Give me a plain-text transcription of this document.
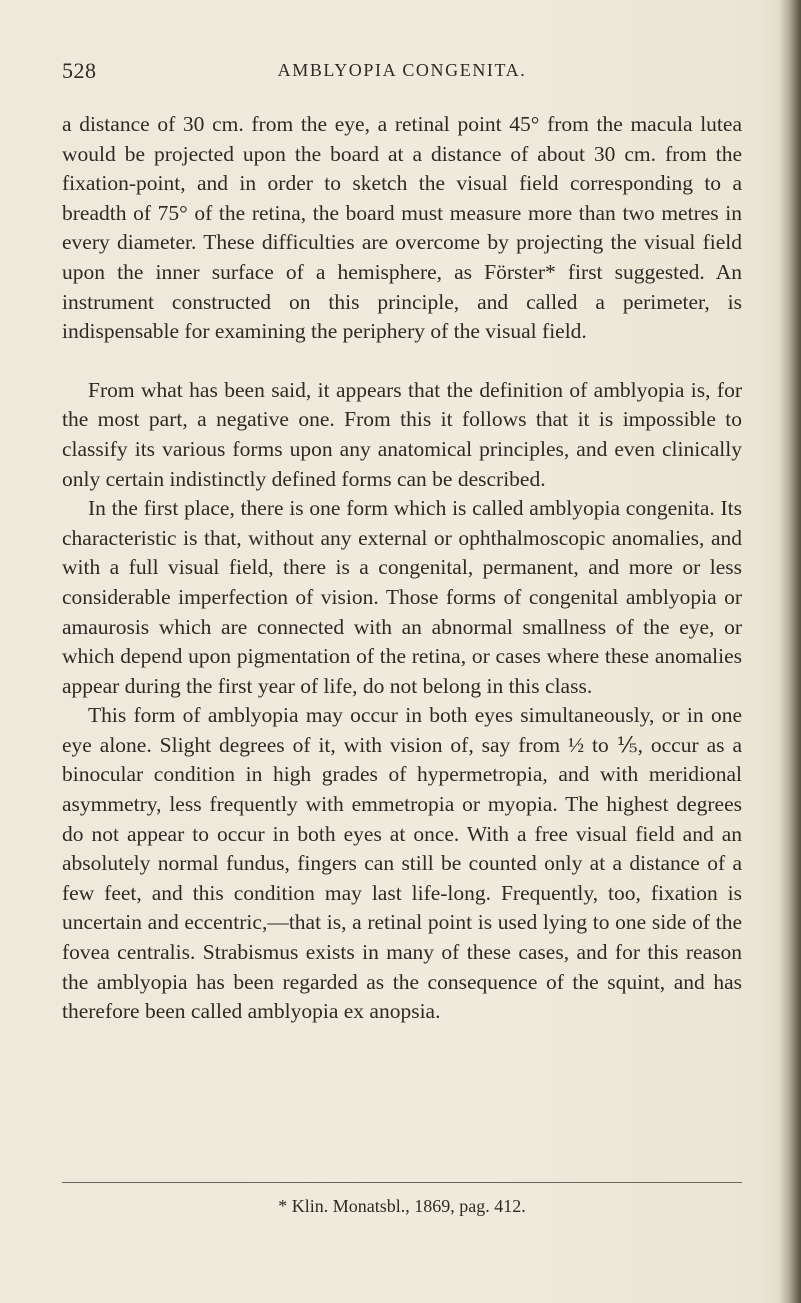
528	AMBLYOPIA CONGENITA.

a distance of 30 cm. from the eye, a retinal point 45° from the macula lutea would be projected upon the board at a distance of about 30 cm. from the fixation-point, and in order to sketch the visual field corresponding to a breadth of 75° of the retina, the board must measure more than two metres in every diameter. These difficulties are overcome by projecting the visual field upon the inner surface of a hemisphere, as Förster* first suggested. An instrument constructed on this principle, and called a perimeter, is indispensable for examining the periphery of the visual field.

From what has been said, it appears that the definition of amblyopia is, for the most part, a negative one. From this it follows that it is impossible to classify its various forms upon any anatomical principles, and even clinically only certain indistinctly defined forms can be described.

In the first place, there is one form which is called amblyopia congenita. Its characteristic is that, without any external or ophthalmoscopic anomalies, and with a full visual field, there is a congenital, permanent, and more or less considerable imperfection of vision. Those forms of congenital amblyopia or amaurosis which are connected with an abnormal smallness of the eye, or which depend upon pigmentation of the retina, or cases where these anomalies appear during the first year of life, do not belong in this class.

This form of amblyopia may occur in both eyes simultaneously, or in one eye alone. Slight degrees of it, with vision of, say from ½ to ⅕, occur as a binocular condition in high grades of hypermetropia, and with meridional asymmetry, less frequently with emmetropia or myopia. The highest degrees do not appear to occur in both eyes at once. With a free visual field and an absolutely normal fundus, fingers can still be counted only at a distance of a few feet, and this condition may last life-long. Frequently, too, fixation is uncertain and eccentric,—that is, a retinal point is used lying to one side of the fovea centralis. Strabismus exists in many of these cases, and for this reason the amblyopia has been regarded as the consequence of the squint, and has therefore been called amblyopia ex anopsia.

* Klin. Monatsbl., 1869, pag. 412.
